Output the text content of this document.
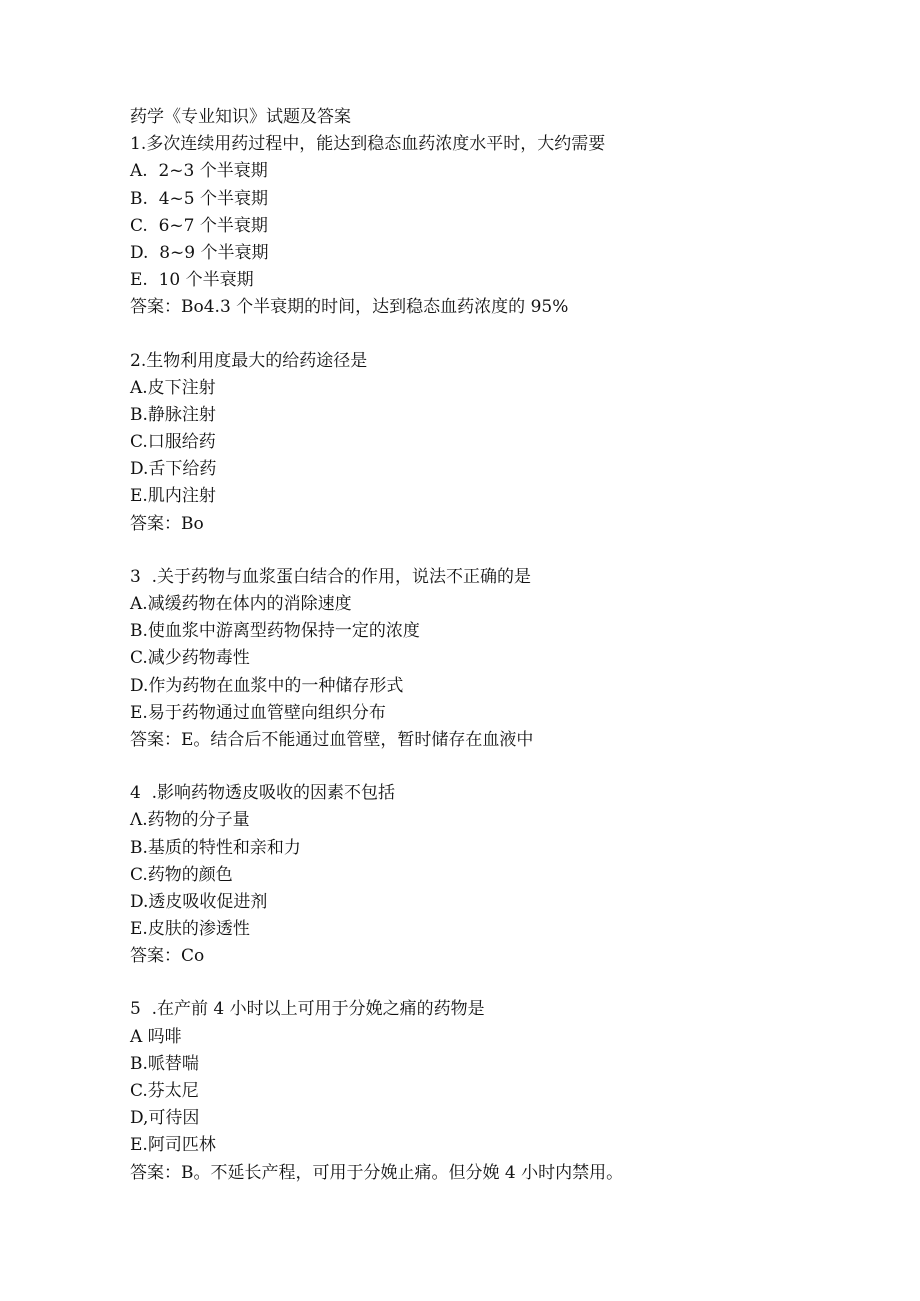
药学《专业知识》试题及答案
1.多次连续用药过程中，能达到稳态血药浓度水平时，大约需要
A.  2~3 个半衰期
B.  4~5 个半衰期
C.  6~7 个半衰期
D.  8~9 个半衰期
E.  10 个半衰期
答案：Bo4.3 个半衰期的时间，达到稳态血药浓度的 95%
2.生物利用度最大的给药途径是
A.皮下注射
B.静脉注射
C.口服给药
D.舌下给药
E.肌内注射
答案：Bo
3  .关于药物与血浆蛋白结合的作用，说法不正确的是
A.减缓药物在体内的消除速度
B.使血浆中游离型药物保持一定的浓度
C.减少药物毒性
D.作为药物在血浆中的一种储存形式
E.易于药物通过血管壁向组织分布
答案：E。结合后不能通过血管壁，暂时储存在血液中
4  .影响药物透皮吸收的因素不包括
Λ.药物的分子量
B.基质的特性和亲和力
C.药物的颜色
D.透皮吸收促进剂
E.皮肤的渗透性
答案：Co
5  .在产前 4 小时以上可用于分娩之痛的药物是
A 吗啡
B.哌替喘
C.芬太尼
D,可待因
E.阿司匹林
答案：B。不延长产程，可用于分娩止痛。但分娩 4 小时内禁用。
